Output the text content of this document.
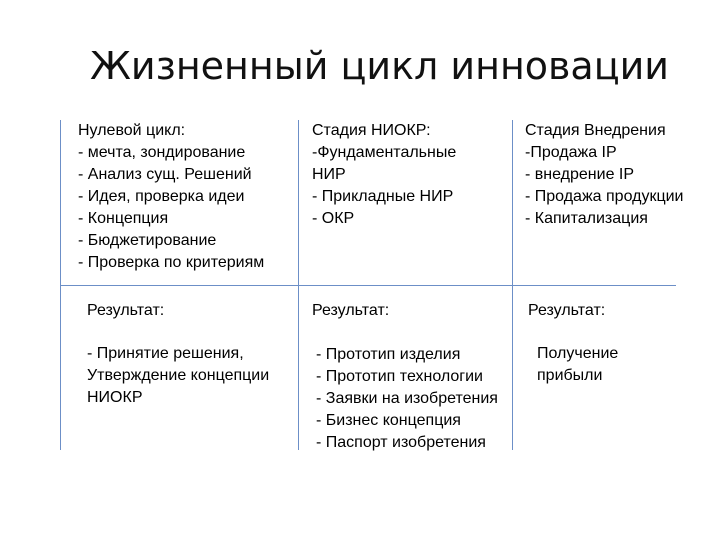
Жизненный цикл инновации
Нулевой цикл:
- мечта, зондирование
- Анализ сущ. Решений
- Идея, проверка идеи
- Концепция
- Бюджетирование
- Проверка по критериям
Результат:
- Принятие решения,
Утверждение концепции
НИОКР
Стадия НИОКР:
-Фундаментальные
НИР
- Прикладные НИР
- ОКР
Результат:
- Прототип изделия
- Прототип технологии
- Заявки на изобретения
- Бизнес концепция
- Паспорт изобретения
Стадия Внедрения
-Продажа IP
- внедрение IP
- Продажа продукции
- Капитализация
Результат:
Получение
прибыли
